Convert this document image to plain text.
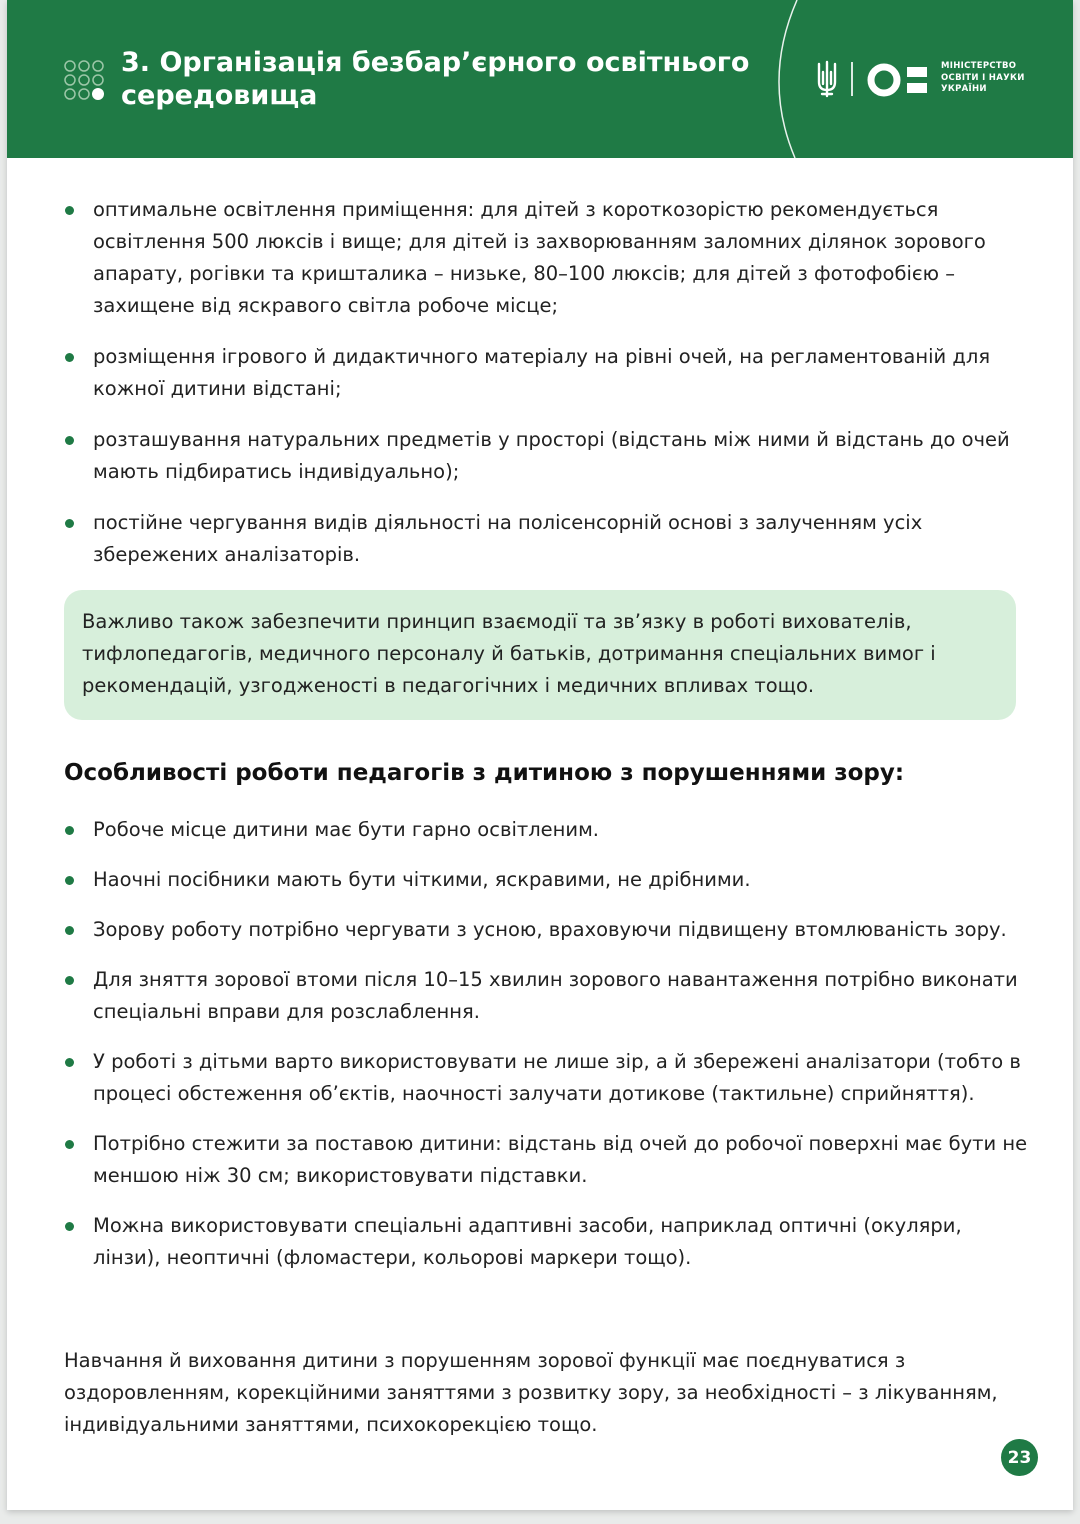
3. Організація безбар’єрного освітнього середовища
МІНІСТЕРСТВО
ОСВІТИ І НАУКИ
УКРАЇНИ
оптимальне освітлення приміщення: для дітей з короткозорістю рекомендується освітлення 500 люксів і вище; для дітей із захворюванням заломних ділянок зорового апарату, рогівки та кришталика – низьке, 80–100 люксів; для дітей з фотофобією – захищене від яскравого світла робоче місце;
розміщення ігрового й дидактичного матеріалу на рівні очей, на регламентованій для кожної дитини відстані;
розташування натуральних предметів у просторі (відстань між ними й відстань до очей мають підбиратись індивідуально);
постійне чергування видів діяльності на полісенсорній основі з залученням усіх збережених аналізаторів.
Важливо також забезпечити принцип взаємодії та зв’язку в роботі вихователів, тифлопедагогів, медичного персоналу й батьків, дотримання спеціальних вимог і рекомендацій, узгодженості в педагогічних і медичних впливах тощо.
Особливості роботи педагогів з дитиною з порушеннями зору:
Робоче місце дитини має бути гарно освітленим.
Наочні посібники мають бути чіткими, яскравими, не дрібними.
Зорову роботу потрібно чергувати з усною, враховуючи підвищену втомлюваність зору.
Для зняття зорової втоми після 10–15 хвилин зорового навантаження потрібно виконати спеціальні вправи для розслаблення.
У роботі з дітьми варто використовувати не лише зір, а й збережені аналізатори (тобто в процесі обстеження об’єктів, наочності залучати дотикове (тактильне) сприйняття).
Потрібно стежити за поставою дитини: відстань від очей до робочої поверхні має бути не меншою ніж 30 см; використовувати підставки.
Можна використовувати спеціальні адаптивні засоби, наприклад оптичні (окуляри, лінзи), неоптичні (фломастери, кольорові маркери тощо).
Навчання й виховання дитини з порушенням зорової функції має поєднуватися з оздоровленням, корекційними заняттями з розвитку зору, за необхідності – з лікуванням, індивідуальними заняттями, психокорекцією тощо.
23
